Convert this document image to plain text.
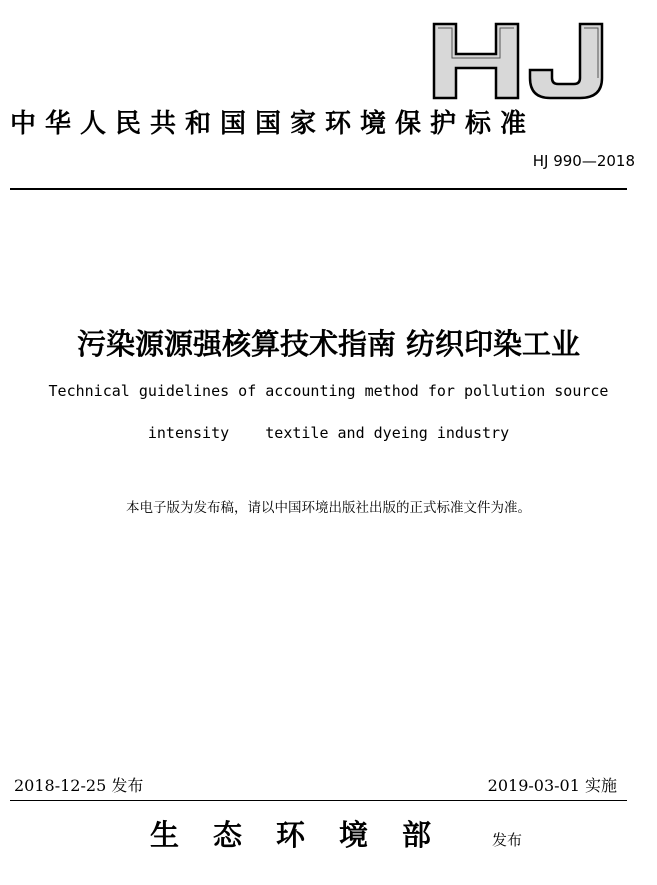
中华人民共和国国家环境保护标准
HJ 990—2018
污染源源强核算技术指南 纺织印染工业
Technical guidelines of accounting method for pollution source
intensity    textile and dyeing industry
本电子版为发布稿，请以中国环境出版社出版的正式标准文件为准。
2018-12-25 发布	2019-03-01 实施
生态环境部 发布
